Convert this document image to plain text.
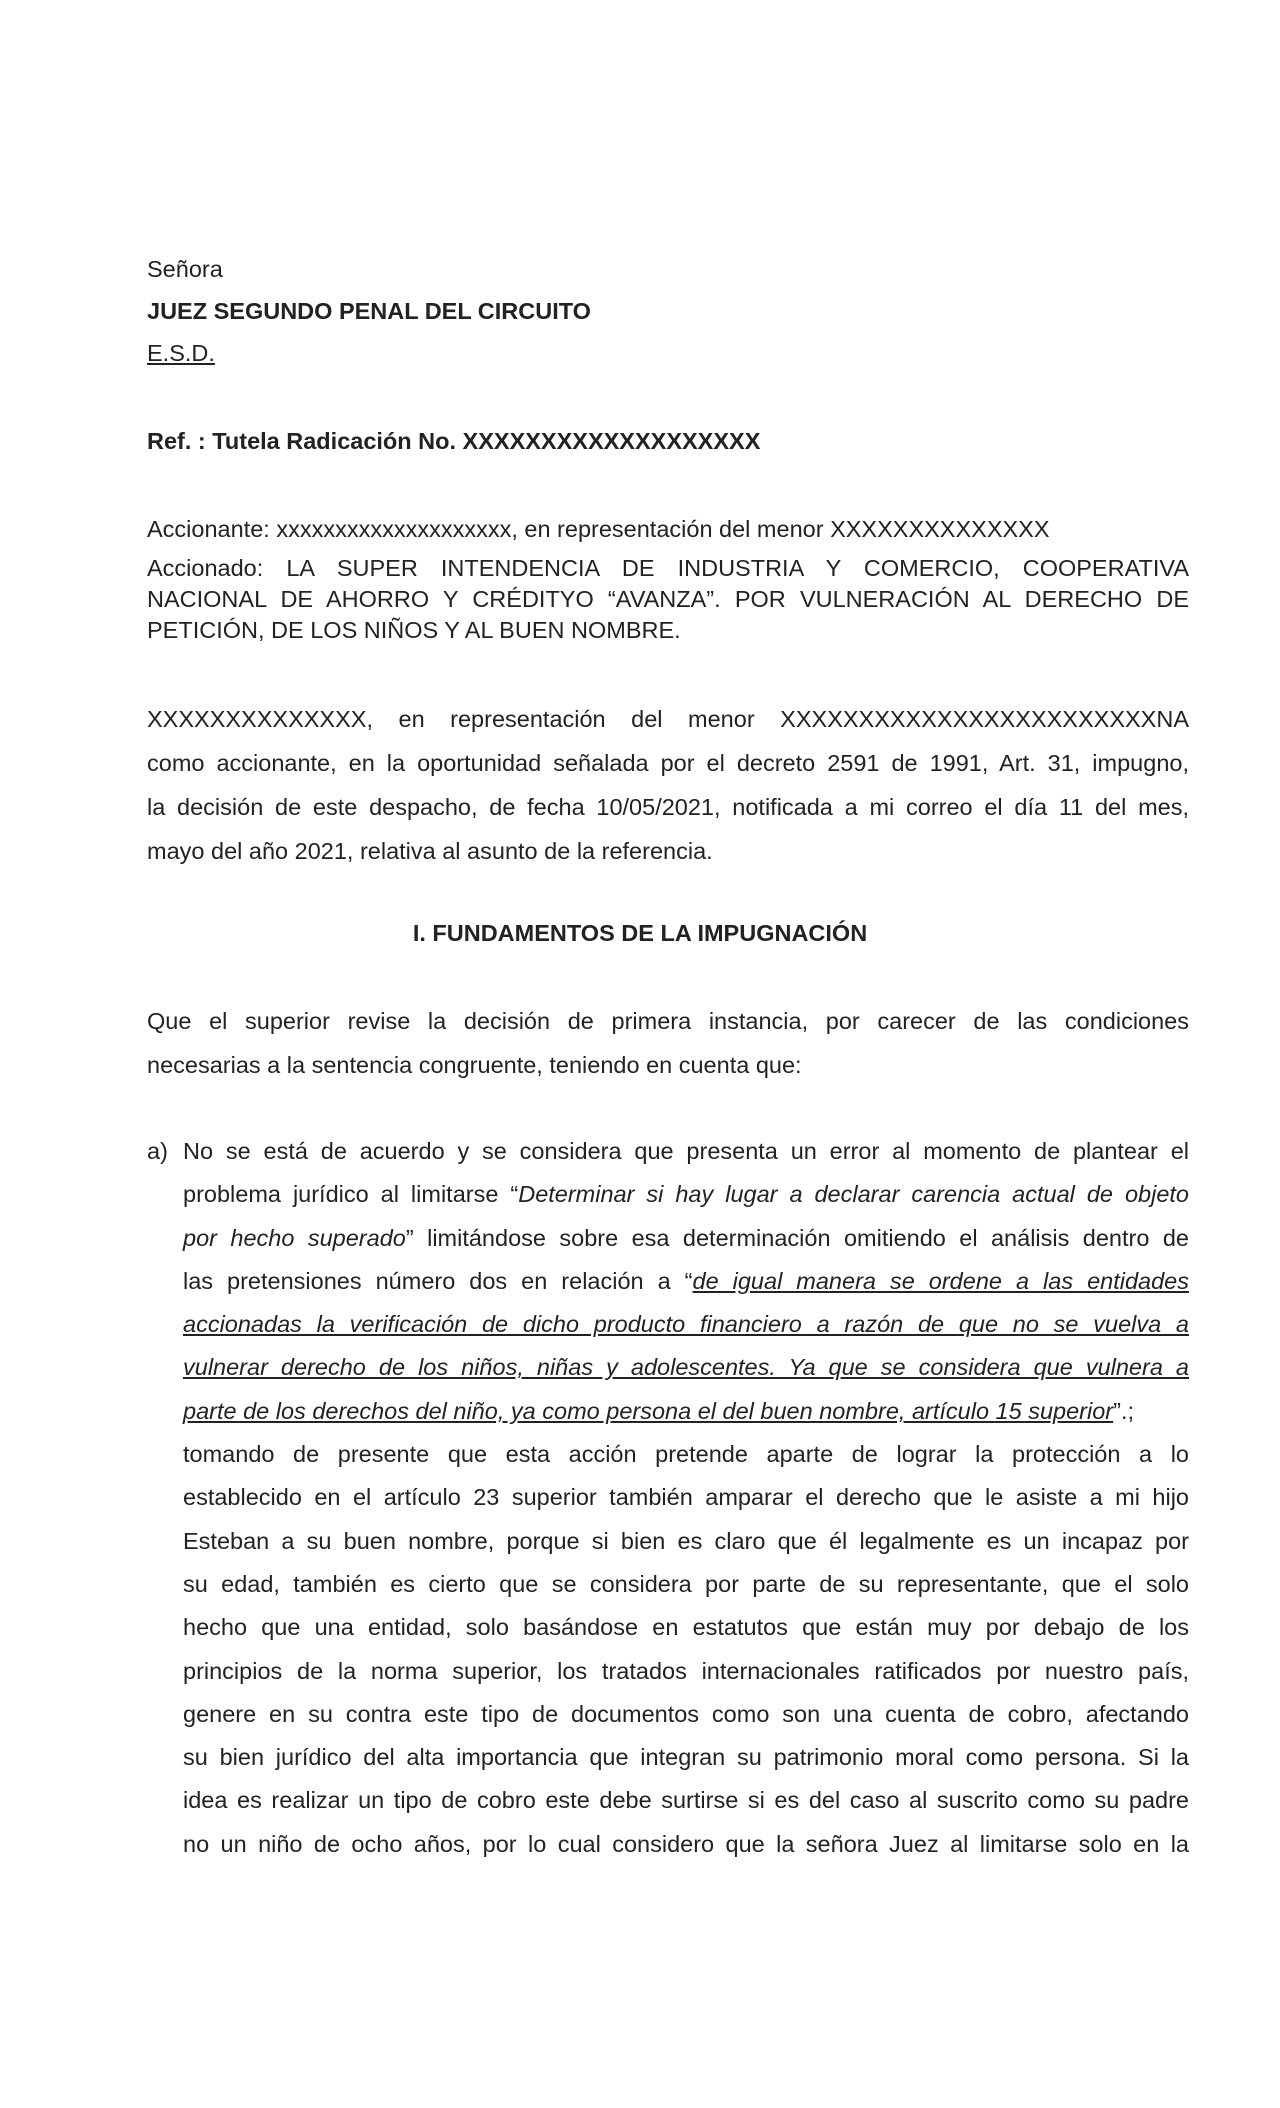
Señora
JUEZ SEGUNDO PENAL DEL CIRCUITO
E.S.D.
Ref. : Tutela Radicación No. XXXXXXXXXXXXXXXXXXX
Accionante: xxxxxxxxxxxxxxxxxxxx, en representación del menor XXXXXXXXXXXXXX
Accionado: LA SUPER INTENDENCIA DE INDUSTRIA Y COMERCIO, COOPERATIVA
NACIONAL DE AHORRO Y CRÉDITYO “AVANZA”. POR VULNERACIÓN AL DERECHO DE
PETICIÓN, DE LOS NIÑOS Y AL BUEN NOMBRE.
XXXXXXXXXXXXXX, en representación del menor XXXXXXXXXXXXXXXXXXXXXXXXNA
como accionante, en la oportunidad señalada por el decreto 2591 de 1991, Art. 31, impugno,
la decisión de este despacho, de fecha 10/05/2021, notificada a mi correo el día 11 del mes,
mayo del año 2021, relativa al asunto de la referencia.
I. FUNDAMENTOS DE LA IMPUGNACIÓN
Que el superior revise la decisión de primera instancia, por carecer de las condiciones
necesarias a la sentencia congruente, teniendo en cuenta que:
a) No se está de acuerdo y se considera que presenta un error al momento de plantear el
problema jurídico al limitarse “Determinar si hay lugar a declarar carencia actual de objeto
por hecho superado” limitándose sobre esa determinación omitiendo el análisis dentro de
las pretensiones número dos en relación a “de igual manera se ordene a las entidades
accionadas la verificación de dicho producto financiero a razón de que no se vuelva a
vulnerar derecho de los niños, niñas y adolescentes. Ya que se considera que vulnera a
parte de los derechos del niño, ya como persona el del buen nombre, artículo 15 superior”.;
tomando de presente que esta acción pretende aparte de lograr la protección a lo
establecido en el artículo 23 superior también amparar el derecho que le asiste a mi hijo
Esteban a su buen nombre, porque si bien es claro que él legalmente es un incapaz por
su edad, también es cierto que se considera por parte de su representante, que el solo
hecho que una entidad, solo basándose en estatutos que están muy por debajo de los
principios de la norma superior, los tratados internacionales ratificados por nuestro país,
genere en su contra este tipo de documentos como son una cuenta de cobro, afectando
su bien jurídico del alta importancia que integran su patrimonio moral como persona. Si la
idea es realizar un tipo de cobro este debe surtirse si es del caso al suscrito como su padre
no un niño de ocho años, por lo cual considero que la señora Juez al limitarse solo en la
